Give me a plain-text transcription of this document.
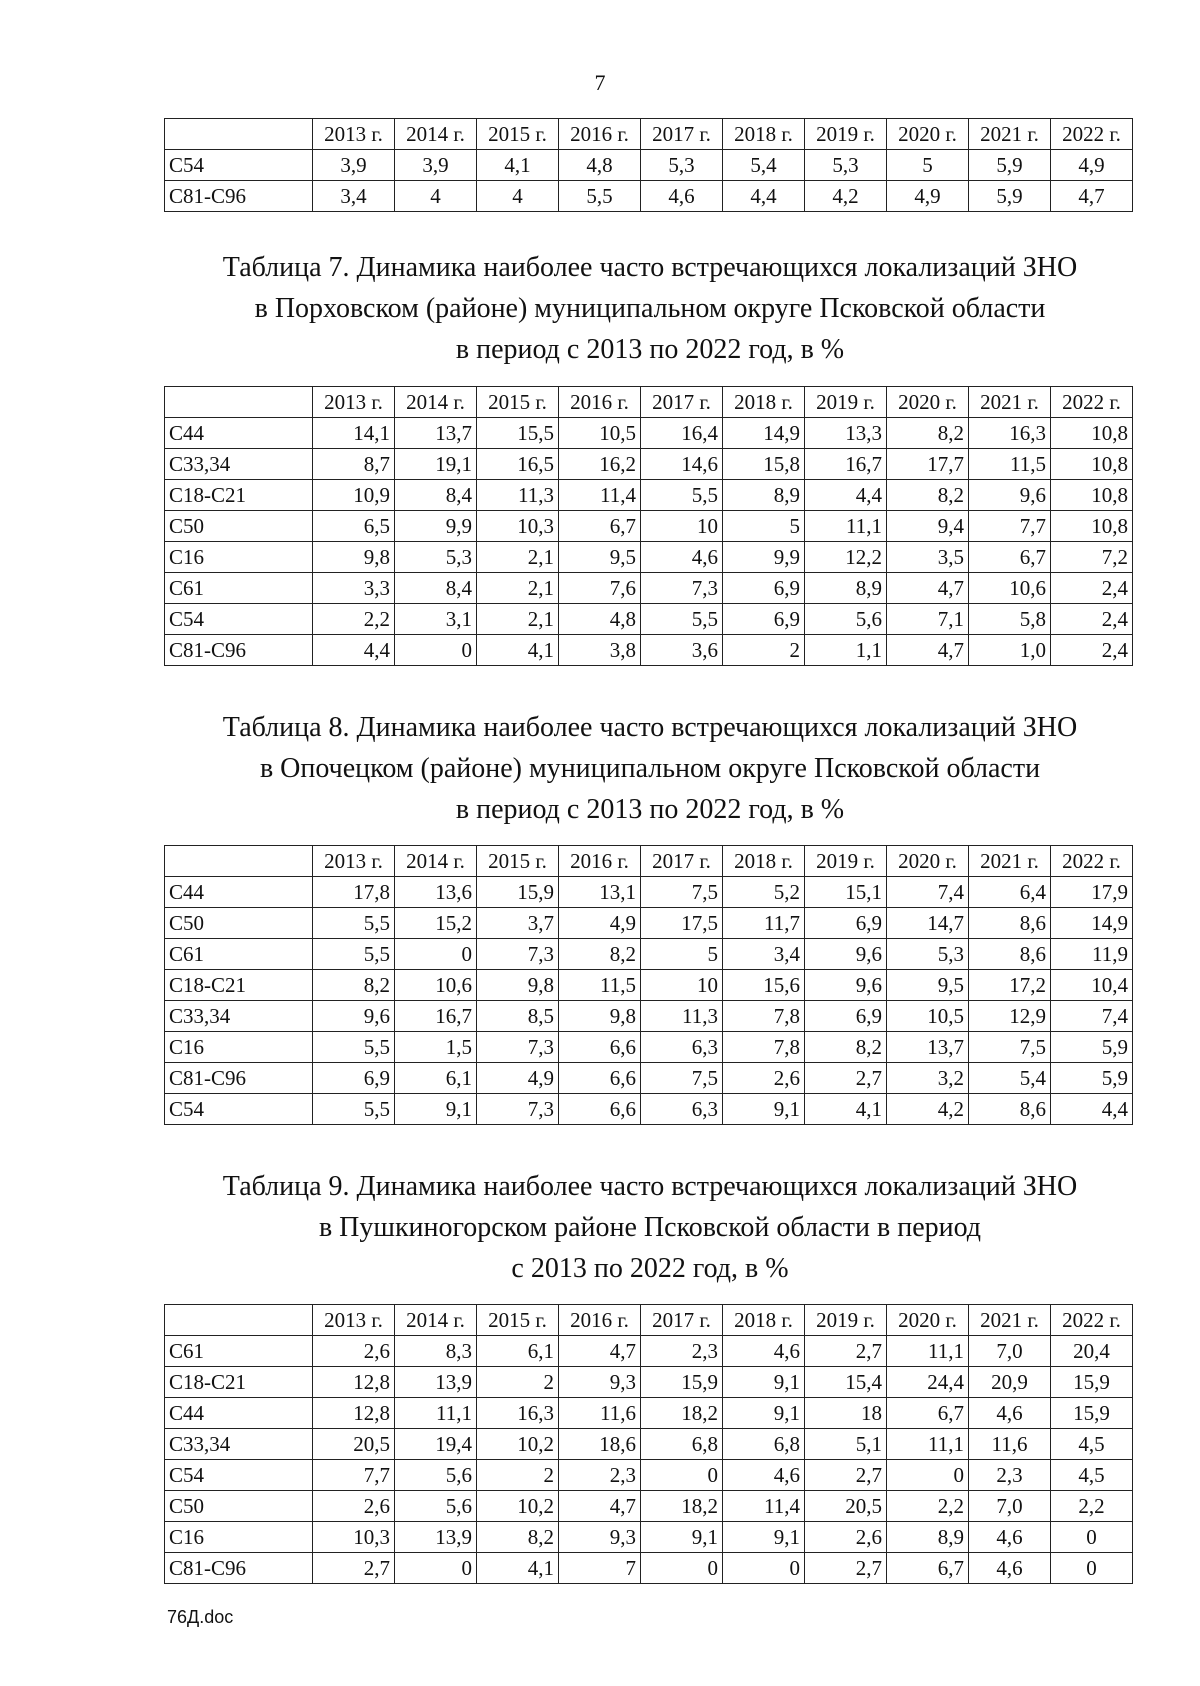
7
	2013 г.	2014 г.	2015 г.	2016 г.	2017 г.	2018 г.	2019 г.	2020 г.	2021 г.	2022 г.
C54	3,9	3,9	4,1	4,8	5,3	5,4	5,3	5	5,9	4,9
C81-C96	3,4	4	4	5,5	4,6	4,4	4,2	4,9	5,9	4,7
Таблица 7. Динамика наиболее часто встречающихся локализаций ЗНО
в Порховском (районе) муниципальном округе Псковской области
в период с 2013 по 2022 год, в %
	2013 г.	2014 г.	2015 г.	2016 г.	2017 г.	2018 г.	2019 г.	2020 г.	2021 г.	2022 г.
C44	14,1	13,7	15,5	10,5	16,4	14,9	13,3	8,2	16,3	10,8
C33,34	8,7	19,1	16,5	16,2	14,6	15,8	16,7	17,7	11,5	10,8
C18-C21	10,9	8,4	11,3	11,4	5,5	8,9	4,4	8,2	9,6	10,8
C50	6,5	9,9	10,3	6,7	10	5	11,1	9,4	7,7	10,8
C16	9,8	5,3	2,1	9,5	4,6	9,9	12,2	3,5	6,7	7,2
C61	3,3	8,4	2,1	7,6	7,3	6,9	8,9	4,7	10,6	2,4
C54	2,2	3,1	2,1	4,8	5,5	6,9	5,6	7,1	5,8	2,4
C81-C96	4,4	0	4,1	3,8	3,6	2	1,1	4,7	1,0	2,4
Таблица 8. Динамика наиболее часто встречающихся локализаций ЗНО
в Опочецком (районе) муниципальном округе Псковской области
в период с 2013 по 2022 год, в %
	2013 г.	2014 г.	2015 г.	2016 г.	2017 г.	2018 г.	2019 г.	2020 г.	2021 г.	2022 г.
C44	17,8	13,6	15,9	13,1	7,5	5,2	15,1	7,4	6,4	17,9
C50	5,5	15,2	3,7	4,9	17,5	11,7	6,9	14,7	8,6	14,9
C61	5,5	0	7,3	8,2	5	3,4	9,6	5,3	8,6	11,9
C18-C21	8,2	10,6	9,8	11,5	10	15,6	9,6	9,5	17,2	10,4
C33,34	9,6	16,7	8,5	9,8	11,3	7,8	6,9	10,5	12,9	7,4
C16	5,5	1,5	7,3	6,6	6,3	7,8	8,2	13,7	7,5	5,9
C81-C96	6,9	6,1	4,9	6,6	7,5	2,6	2,7	3,2	5,4	5,9
C54	5,5	9,1	7,3	6,6	6,3	9,1	4,1	4,2	8,6	4,4
Таблица 9. Динамика наиболее часто встречающихся локализаций ЗНО
в Пушкиногорском районе Псковской области в период
с 2013 по 2022 год, в %
	2013 г.	2014 г.	2015 г.	2016 г.	2017 г.	2018 г.	2019 г.	2020 г.	2021 г.	2022 г.
C61	2,6	8,3	6,1	4,7	2,3	4,6	2,7	11,1	7,0	20,4
C18-C21	12,8	13,9	2	9,3	15,9	9,1	15,4	24,4	20,9	15,9
C44	12,8	11,1	16,3	11,6	18,2	9,1	18	6,7	4,6	15,9
C33,34	20,5	19,4	10,2	18,6	6,8	6,8	5,1	11,1	11,6	4,5
C54	7,7	5,6	2	2,3	0	4,6	2,7	0	2,3	4,5
C50	2,6	5,6	10,2	4,7	18,2	11,4	20,5	2,2	7,0	2,2
C16	10,3	13,9	8,2	9,3	9,1	9,1	2,6	8,9	4,6	0
C81-C96	2,7	0	4,1	7	0	0	2,7	6,7	4,6	0
76Д.doc
